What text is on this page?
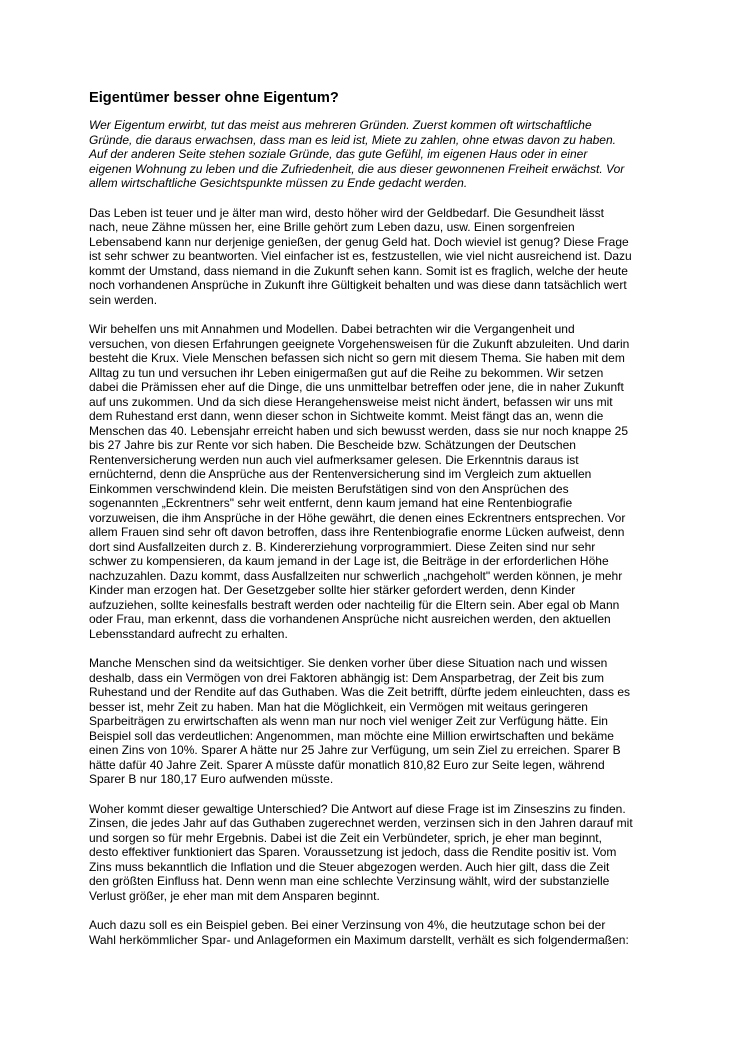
Eigentümer besser ohne Eigentum?

Wer Eigentum erwirbt, tut das meist aus mehreren Gründen. Zuerst kommen oft wirtschaftliche
Gründe, die daraus erwachsen, dass man es leid ist, Miete zu zahlen, ohne etwas davon zu haben.
Auf der anderen Seite stehen soziale Gründe, das gute Gefühl, im eigenen Haus oder in einer
eigenen Wohnung zu leben und die Zufriedenheit, die aus dieser gewonnenen Freiheit erwächst. Vor
allem wirtschaftliche Gesichtspunkte müssen zu Ende gedacht werden.

Das Leben ist teuer und je älter man wird, desto höher wird der Geldbedarf. Die Gesundheit lässt
nach, neue Zähne müssen her, eine Brille gehört zum Leben dazu, usw. Einen sorgenfreien
Lebensabend kann nur derjenige genießen, der genug Geld hat. Doch wieviel ist genug? Diese Frage
ist sehr schwer zu beantworten. Viel einfacher ist es, festzustellen, wie viel nicht ausreichend ist. Dazu
kommt der Umstand, dass niemand in die Zukunft sehen kann. Somit ist es fraglich, welche der heute
noch vorhandenen Ansprüche in Zukunft ihre Gültigkeit behalten und was diese dann tatsächlich wert
sein werden.

Wir behelfen uns mit Annahmen und Modellen. Dabei betrachten wir die Vergangenheit und
versuchen, von diesen Erfahrungen geeignete Vorgehensweisen für die Zukunft abzuleiten. Und darin
besteht die Krux. Viele Menschen befassen sich nicht so gern mit diesem Thema. Sie haben mit dem
Alltag zu tun und versuchen ihr Leben einigermaßen gut auf die Reihe zu bekommen. Wir setzen
dabei die Prämissen eher auf die Dinge, die uns unmittelbar betreffen oder jene, die in naher Zukunft
auf uns zukommen. Und da sich diese Herangehensweise meist nicht ändert, befassen wir uns mit
dem Ruhestand erst dann, wenn dieser schon in Sichtweite kommt. Meist fängt das an, wenn die
Menschen das 40. Lebensjahr erreicht haben und sich bewusst werden, dass sie nur noch knappe 25
bis 27 Jahre bis zur Rente vor sich haben. Die Bescheide bzw. Schätzungen der Deutschen
Rentenversicherung werden nun auch viel aufmerksamer gelesen. Die Erkenntnis daraus ist
ernüchternd, denn die Ansprüche aus der Rentenversicherung sind im Vergleich zum aktuellen
Einkommen verschwindend klein. Die meisten Berufstätigen sind von den Ansprüchen des
sogenannten „Eckrentners" sehr weit entfernt, denn kaum jemand hat eine Rentenbiografie
vorzuweisen, die ihm Ansprüche in der Höhe gewährt, die denen eines Eckrentners entsprechen. Vor
allem Frauen sind sehr oft davon betroffen, dass ihre Rentenbiografie enorme Lücken aufweist, denn
dort sind Ausfallzeiten durch z. B. Kindererziehung vorprogrammiert. Diese Zeiten sind nur sehr
schwer zu kompensieren, da kaum jemand in der Lage ist, die Beiträge in der erforderlichen Höhe
nachzuzahlen. Dazu kommt, dass Ausfallzeiten nur schwerlich „nachgeholt" werden können, je mehr
Kinder man erzogen hat. Der Gesetzgeber sollte hier stärker gefordert werden, denn Kinder
aufzuziehen, sollte keinesfalls bestraft werden oder nachteilig für die Eltern sein. Aber egal ob Mann
oder Frau, man erkennt, dass die vorhandenen Ansprüche nicht ausreichen werden, den aktuellen
Lebensstandard aufrecht zu erhalten.

Manche Menschen sind da weitsichtiger. Sie denken vorher über diese Situation nach und wissen
deshalb, dass ein Vermögen von drei Faktoren abhängig ist: Dem Ansparbetrag, der Zeit bis zum
Ruhestand und der Rendite auf das Guthaben. Was die Zeit betrifft, dürfte jedem einleuchten, dass es
besser ist, mehr Zeit zu haben. Man hat die Möglichkeit, ein Vermögen mit weitaus geringeren
Sparbeiträgen zu erwirtschaften als wenn man nur noch viel weniger Zeit zur Verfügung hätte. Ein
Beispiel soll das verdeutlichen: Angenommen, man möchte eine Million erwirtschaften und bekäme
einen Zins von 10%. Sparer A hätte nur 25 Jahre zur Verfügung, um sein Ziel zu erreichen. Sparer B
hätte dafür 40 Jahre Zeit. Sparer A müsste dafür monatlich 810,82 Euro zur Seite legen, während
Sparer B nur 180,17 Euro aufwenden müsste.

Woher kommt dieser gewaltige Unterschied? Die Antwort auf diese Frage ist im Zinseszins zu finden.
Zinsen, die jedes Jahr auf das Guthaben zugerechnet werden, verzinsen sich in den Jahren darauf mit
und sorgen so für mehr Ergebnis. Dabei ist die Zeit ein Verbündeter, sprich, je eher man beginnt,
desto effektiver funktioniert das Sparen. Voraussetzung ist jedoch, dass die Rendite positiv ist. Vom
Zins muss bekanntlich die Inflation und die Steuer abgezogen werden. Auch hier gilt, dass die Zeit
den größten Einfluss hat. Denn wenn man eine schlechte Verzinsung wählt, wird der substanzielle
Verlust größer, je eher man mit dem Ansparen beginnt.

Auch dazu soll es ein Beispiel geben. Bei einer Verzinsung von 4%, die heutzutage schon bei der
Wahl herkömmlicher Spar- und Anlageformen ein Maximum darstellt, verhält es sich folgendermaßen:
